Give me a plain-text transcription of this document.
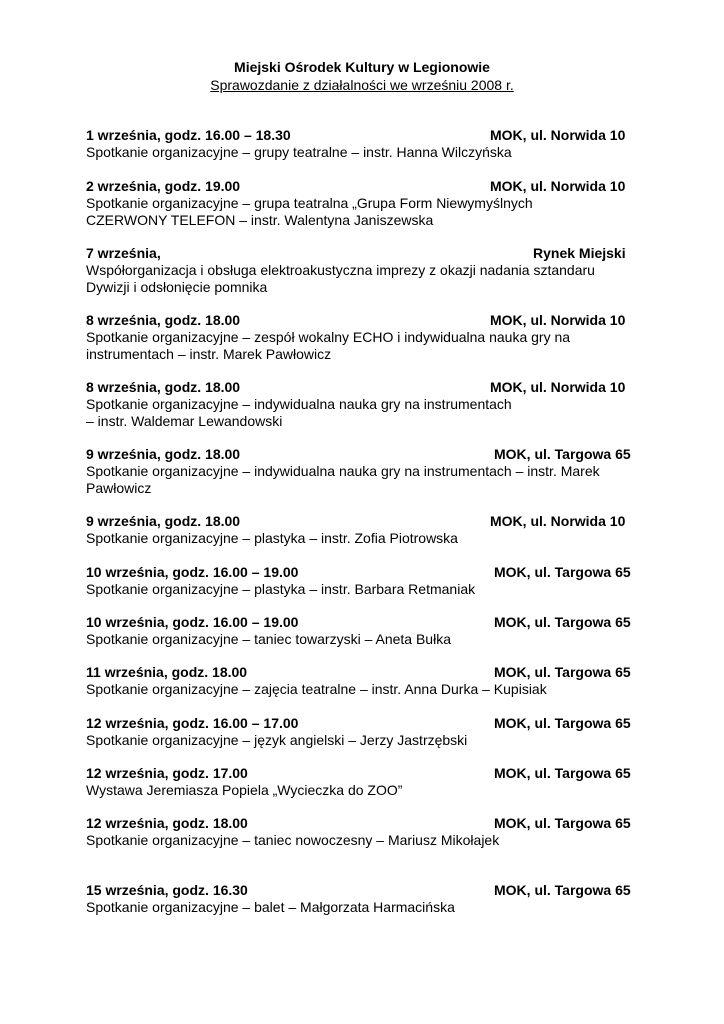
Miejski Ośrodek Kultury w Legionowie
Sprawozdanie z działalności we wrześniu 2008 r.
1 września, godz. 16.00 – 18.30	MOK, ul. Norwida 10
Spotkanie organizacyjne – grupy teatralne – instr. Hanna Wilczyńska
2 września, godz. 19.00	MOK, ul. Norwida 10
Spotkanie organizacyjne – grupa teatralna „Grupa Form Niewymyślnych
CZERWONY TELEFON – instr. Walentyna Janiszewska
7 września,	Rynek Miejski
Współorganizacja i obsługa elektroakustyczna imprezy z okazji nadania sztandaru
Dywizji i odsłonięcie pomnika
8 września, godz. 18.00	MOK, ul. Norwida 10
Spotkanie organizacyjne – zespół wokalny ECHO i indywidualna nauka gry na
instrumentach – instr. Marek Pawłowicz
8 września, godz. 18.00	MOK, ul. Norwida 10
Spotkanie organizacyjne – indywidualna nauka gry na instrumentach
– instr. Waldemar Lewandowski
9 września, godz. 18.00	MOK, ul. Targowa 65
Spotkanie organizacyjne – indywidualna nauka gry na instrumentach – instr. Marek
Pawłowicz
9 września, godz. 18.00	MOK, ul. Norwida 10
Spotkanie organizacyjne – plastyka – instr. Zofia Piotrowska
10 września, godz. 16.00 – 19.00	MOK, ul. Targowa 65
Spotkanie organizacyjne – plastyka – instr. Barbara Retmaniak
10 września, godz. 16.00 – 19.00	MOK, ul. Targowa 65
Spotkanie organizacyjne – taniec towarzyski – Aneta Bułka
11 września, godz. 18.00	MOK, ul. Targowa 65
Spotkanie organizacyjne – zajęcia teatralne – instr. Anna Durka – Kupisiak
12 września, godz. 16.00 – 17.00	MOK, ul. Targowa 65
Spotkanie organizacyjne – język angielski – Jerzy Jastrzębski
12 września, godz. 17.00	MOK, ul. Targowa 65
Wystawa Jeremiasza Popiela „Wycieczka do ZOO”
12 września, godz. 18.00	MOK, ul. Targowa 65
Spotkanie organizacyjne – taniec nowoczesny – Mariusz Mikołajek
15 września, godz. 16.30	MOK, ul. Targowa 65
Spotkanie organizacyjne – balet – Małgorzata Harmacińska
